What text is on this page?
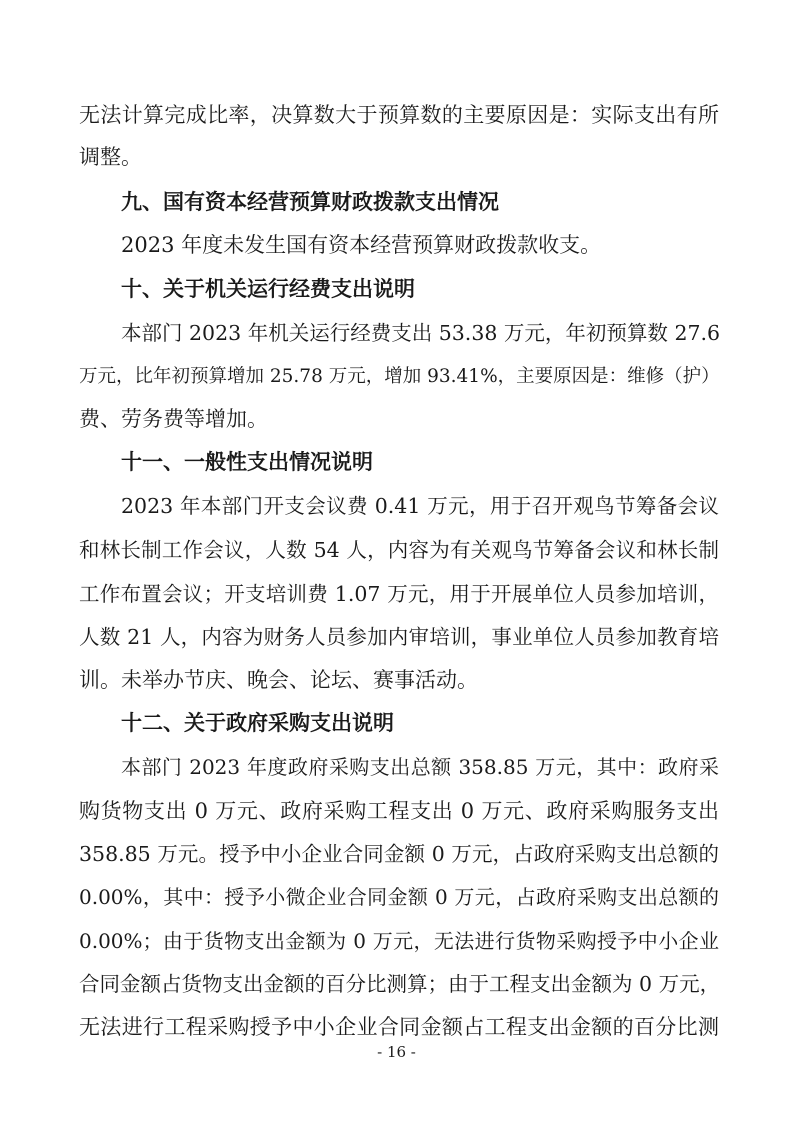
无法计算完成比率，决算数大于预算数的主要原因是：实际支出有所
调整。
九、国有资本经营预算财政拨款支出情况
2023 年度未发生国有资本经营预算财政拨款收支。
十、关于机关运行经费支出说明
本部门 2023 年机关运行经费支出 53.38 万元，年初预算数 27.6
万元，比年初预算增加 25.78 万元，增加 93.41%，主要原因是：维修（护）
费、劳务费等增加。
十一、一般性支出情况说明
2023 年本部门开支会议费 0.41 万元，用于召开观鸟节筹备会议
和林长制工作会议，人数 54 人，内容为有关观鸟节筹备会议和林长制
工作布置会议；开支培训费 1.07 万元，用于开展单位人员参加培训，
人数 21 人，内容为财务人员参加内审培训，事业单位人员参加教育培
训。未举办节庆、晚会、论坛、赛事活动。
十二、关于政府采购支出说明
本部门 2023 年度政府采购支出总额 358.85 万元，其中：政府采
购货物支出 0 万元、政府采购工程支出 0 万元、政府采购服务支出
358.85 万元。授予中小企业合同金额 0 万元，占政府采购支出总额的
0.00%，其中：授予小微企业合同金额 0 万元，占政府采购支出总额的
0.00%；由于货物支出金额为 0 万元，无法进行货物采购授予中小企业
合同金额占货物支出金额的百分比测算；由于工程支出金额为 0 万元，
无法进行工程采购授予中小企业合同金额占工程支出金额的百分比测
- 16 -
